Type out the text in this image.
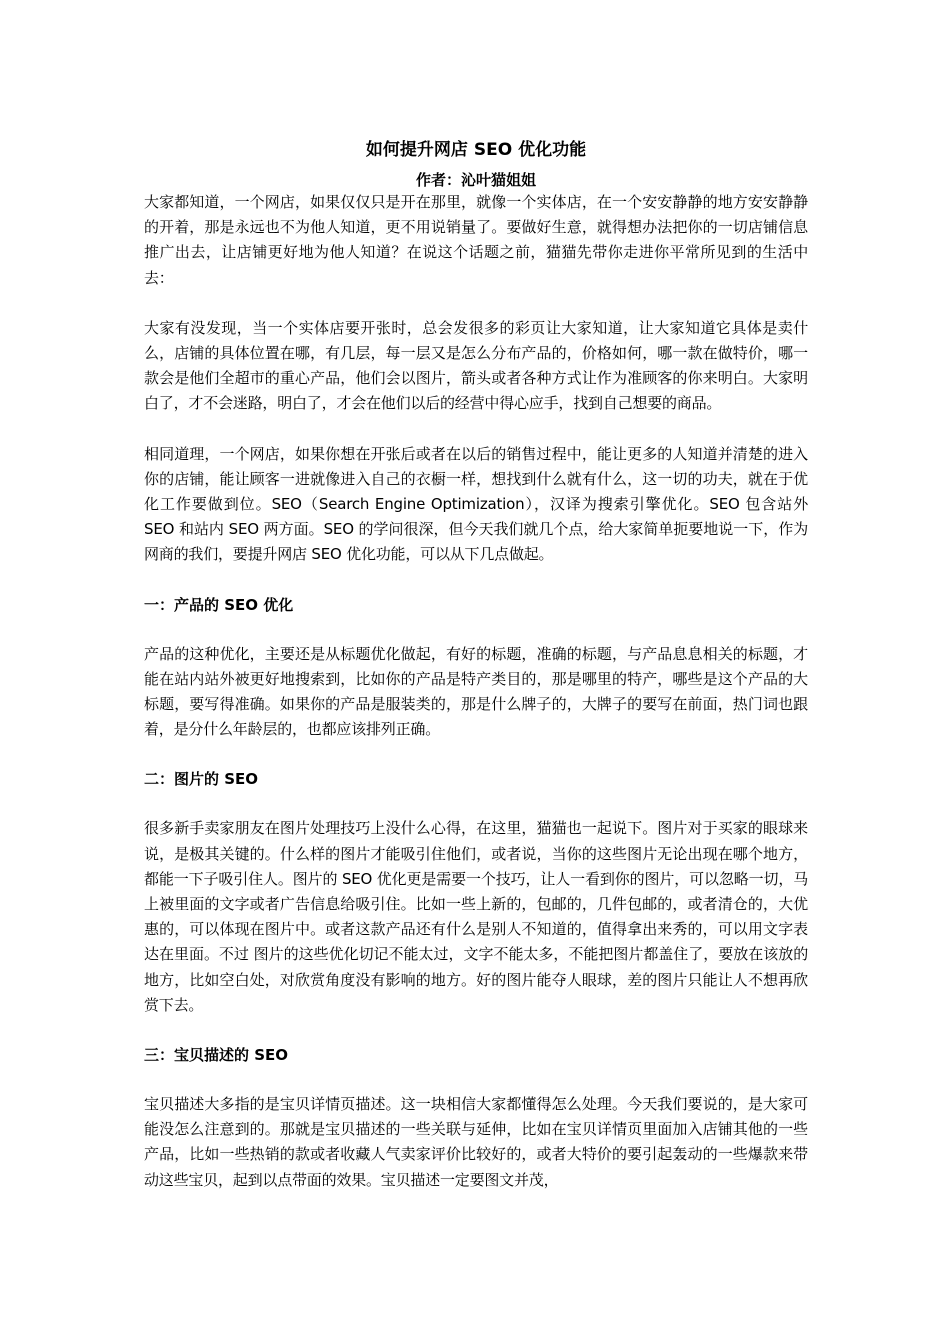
如何提升网店 SEO 优化功能

作者：沁叶猫姐姐

大家都知道，一个网店，如果仅仅只是开在那里，就像一个实体店，在一个安安静静的地方安安静静的开着，那是永远也不为他人知道，更不用说销量了。要做好生意，就得想办法把你的一切店铺信息推广出去，让店铺更好地为他人知道？在说这个话题之前，猫猫先带你走进你平常所见到的生活中去：

大家有没发现，当一个实体店要开张时，总会发很多的彩页让大家知道，让大家知道它具体是卖什么，店铺的具体位置在哪，有几层，每一层又是怎么分布产品的，价格如何，哪一款在做特价，哪一款会是他们全超市的重心产品，他们会以图片，箭头或者各种方式让作为准顾客的你来明白。大家明白了，才不会迷路，明白了，才会在他们以后的经营中得心应手，找到自己想要的商品。

相同道理，一个网店，如果你想在开张后或者在以后的销售过程中，能让更多的人知道并清楚的进入你的店铺，能让顾客一进就像进入自己的衣橱一样，想找到什么就有什么，这一切的功夫，就在于优化工作要做到位。SEO（Search Engine Optimization），汉译为搜索引擎优化。SEO 包含站外 SEO 和站内 SEO 两方面。SEO 的学问很深，但今天我们就几个点，给大家简单扼要地说一下，作为网商的我们，要提升网店 SEO 优化功能，可以从下几点做起。

一：产品的 SEO 优化

产品的这种优化，主要还是从标题优化做起，有好的标题，准确的标题，与产品息息相关的标题，才能在站内站外被更好地搜索到，比如你的产品是特产类目的，那是哪里的特产，哪些是这个产品的大标题，要写得准确。如果你的产品是服装类的，那是什么牌子的，大牌子的要写在前面，热门词也跟着，是分什么年龄层的，也都应该排列正确。

二：图片的 SEO

很多新手卖家朋友在图片处理技巧上没什么心得，在这里，猫猫也一起说下。图片对于买家的眼球来说，是极其关键的。什么样的图片才能吸引住他们，或者说，当你的这些图片无论出现在哪个地方，都能一下子吸引住人。图片的 SEO 优化更是需要一个技巧，让人一看到你的图片，可以忽略一切，马上被里面的文字或者广告信息给吸引住。比如一些上新的，包邮的，几件包邮的，或者清仓的，大优惠的，可以体现在图片中。或者这款产品还有什么是别人不知道的，值得拿出来秀的，可以用文字表达在里面。不过 图片的这些优化切记不能太过，文字不能太多，不能把图片都盖住了，要放在该放的地方，比如空白处，对欣赏角度没有影响的地方。好的图片能夺人眼球，差的图片只能让人不想再欣赏下去。

三：宝贝描述的 SEO

宝贝描述大多指的是宝贝详情页描述。这一块相信大家都懂得怎么处理。今天我们要说的，是大家可能没怎么注意到的。那就是宝贝描述的一些关联与延伸，比如在宝贝详情页里面加入店铺其他的一些产品，比如一些热销的款或者收藏人气卖家评价比较好的，或者大特价的要引起轰动的一些爆款来带动这些宝贝，起到以点带面的效果。宝贝描述一定要图文并茂，
